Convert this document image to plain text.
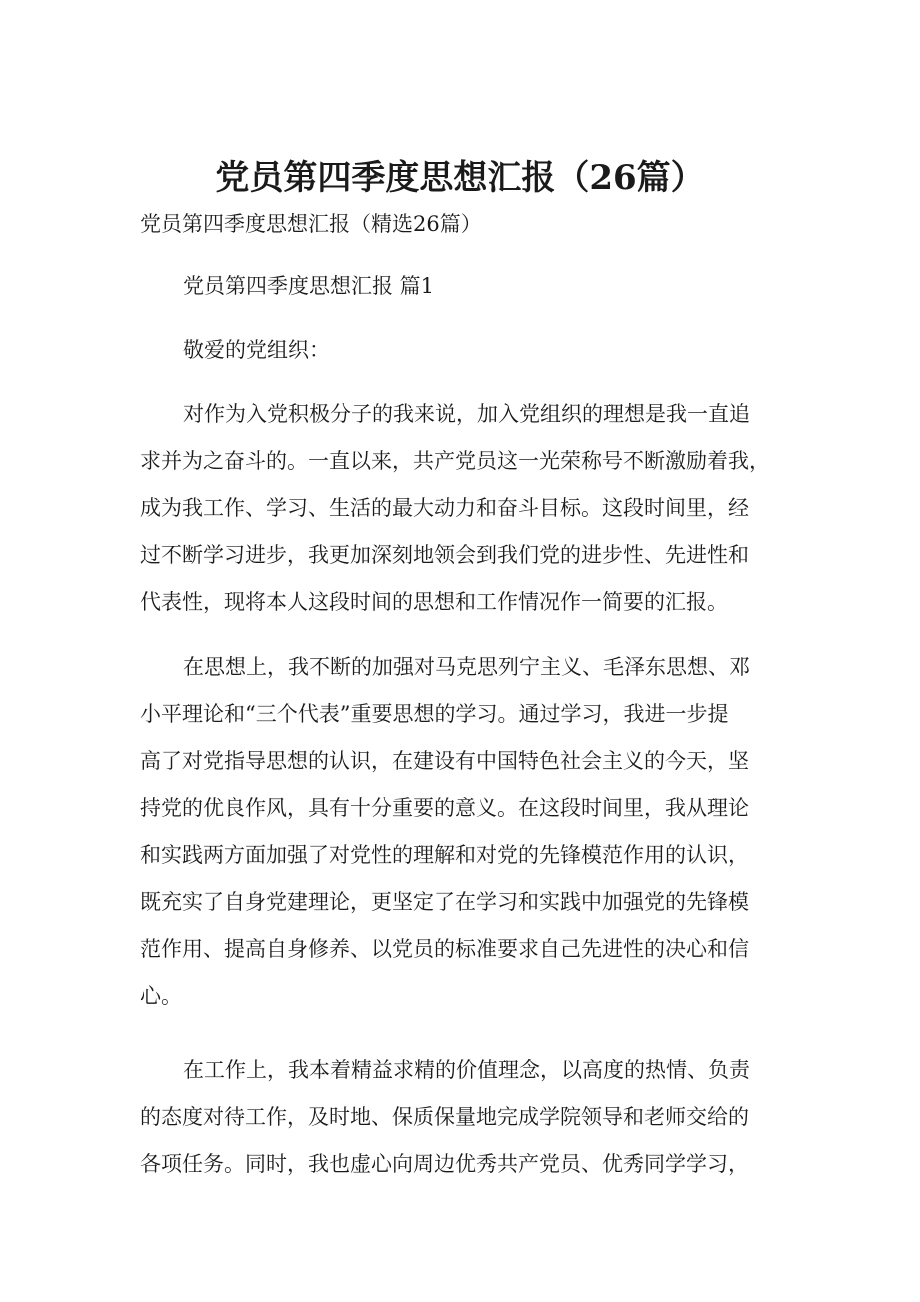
党员第四季度思想汇报（26篇）

党员第四季度思想汇报（精选26篇）

党员第四季度思想汇报 篇1

敬爱的党组织：

对作为入党积极分子的我来说，加入党组织的理想是我一直追

求并为之奋斗的。一直以来，共产党员这一光荣称号不断激励着我，

成为我工作、学习、生活的最大动力和奋斗目标。这段时间里，经

过不断学习进步，我更加深刻地领会到我们党的进步性、先进性和

代表性，现将本人这段时间的思想和工作情况作一简要的汇报。

在思想上，我不断的加强对马克思列宁主义、毛泽东思想、邓

小平理论和“三个代表”重要思想的学习。通过学习，我进一步提

高了对党指导思想的认识，在建设有中国特色社会主义的今天，坚

持党的优良作风，具有十分重要的意义。在这段时间里，我从理论

和实践两方面加强了对党性的理解和对党的先锋模范作用的认识，

既充实了自身党建理论，更坚定了在学习和实践中加强党的先锋模

范作用、提高自身修养、以党员的标准要求自己先进性的决心和信

心。

在工作上，我本着精益求精的价值理念，以高度的热情、负责

的态度对待工作，及时地、保质保量地完成学院领导和老师交给的

各项任务。同时，我也虚心向周边优秀共产党员、优秀同学学习，
